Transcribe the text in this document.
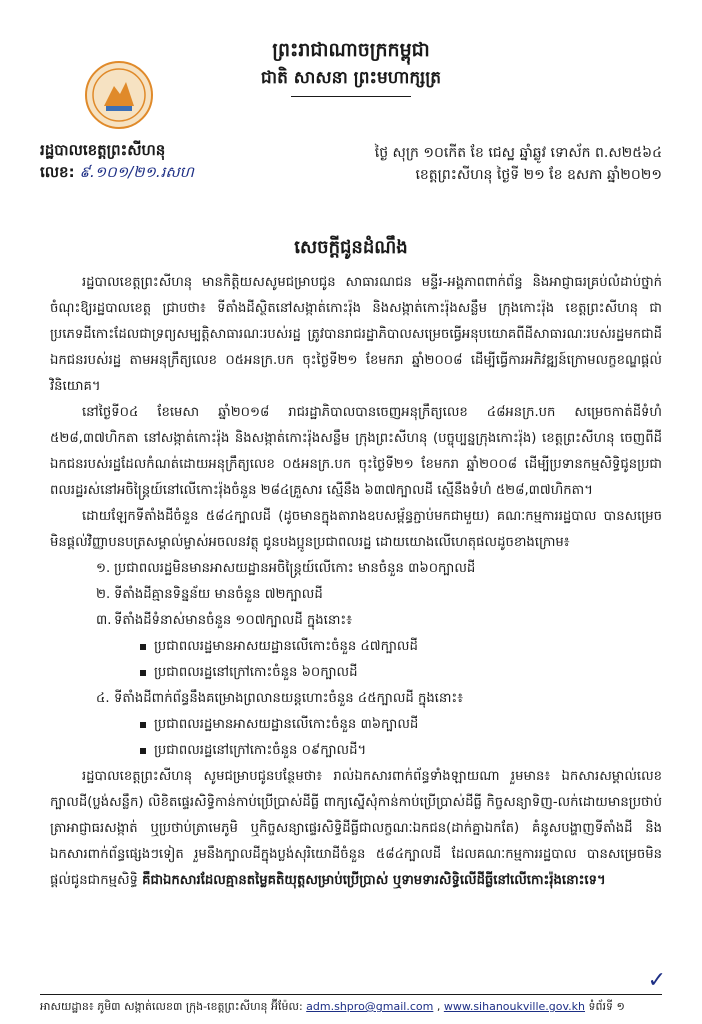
ព្រះរាជាណាចក្រកម្ពុជា
ជាតិ សាសនា ព្រះមហាក្សត្រ
រដ្ឋបាលខេត្តព្រះសីហនុ
លេខ: ៩.១០១/២១.រសហ
ថ្ងៃ សុក្រ ១០កើត ខែ ជេស្ឋ ឆ្នាំឆ្លូវ ទោស័ក ព.ស២៥៦៤
ខេត្តព្រះសីហនុ ថ្ងៃទី ២១ ខែ ឧសភា ឆ្នាំ២០២១
សេចក្តីជូនដំណឹង

រដ្ឋបាលខេត្តព្រះសីហនុ មានកិត្តិយសសូមជម្រាបជូន សាធារណជន មន្ទីរ-អង្គភាពពាក់ព័ន្ធ និងអាជ្ញាធរគ្រប់លំដាប់ថ្នាក់ចំណុះឱ្យរដ្ឋបាលខេត្ត ជ្រាបថា៖ ទីតាំងដីស្ថិតនៅសង្កាត់កោះរ៉ុង និងសង្កាត់កោះរ៉ុងសន្លឹម ក្រុងកោះរ៉ុង ខេត្តព្រះសីហនុ ជាប្រភេទដីកោះដែលជាទ្រព្យសម្បត្តិសាធារណៈរបស់រដ្ឋ ត្រូវបានរាជរដ្ឋាភិបាលសម្រេចធ្វើអនុបយោគពីដីសាធារណៈរបស់រដ្ឋមកជាដីឯកជនរបស់រដ្ឋ តាមអនុក្រឹត្យលេខ ០៥អនក្រ.បក ចុះថ្ងៃទី២១ ខែមករា ឆ្នាំ២០០៨ ដើម្បីធ្វើការអភិវឌ្ឍន៍ក្រោមលក្ខខណ្ឌផ្ដល់វិនិយោគ។

នៅថ្ងៃទី០៤ ខែមេសា ឆ្នាំ២០១៨ រាជរដ្ឋាភិបាលបានចេញអនុក្រឹត្យលេខ ៤៨អនក្រ.បក សម្រេចកាត់ដីទំហំ ៥២៨,៣៧ហិកតា នៅសង្កាត់កោះរ៉ុង និងសង្កាត់កោះរ៉ុងសន្លឹម ក្រុងព្រះសីហនុ (បច្ចុប្បន្នក្រុងកោះរ៉ុង) ខេត្តព្រះសីហនុ ចេញពីដីឯកជនរបស់រដ្ឋដែលកំណត់ដោយអនុក្រឹត្យលេខ ០៥អនក្រ.បក ចុះថ្ងៃទី២១ ខែមករា ឆ្នាំ២០០៨ ដើម្បីប្រទានកម្មសិទ្ធិជូនប្រជាពលរដ្ឋរស់នៅអចិន្ត្រៃយ៍នៅលើកោះរ៉ុងចំនួន ២៨៤គ្រួសារ ស្មើនឹង ៦៣៧ក្បាលដី ស្មើនឹងទំហំ ៥២៨,៣៧ហិកតា។

ដោយឡែកទីតាំងដីចំនួន ៥៨៤ក្បាលដី (ដូចមានក្នុងតារាងឧបសម្ព័ន្ធភ្ជាប់មកជាមួយ) គណៈកម្មការរដ្ឋបាល បានសម្រេចមិនផ្ដល់វិញ្ញាបនបត្រសម្គាល់ម្ចាស់អចលនវត្ថុ ជូនបងប្អូនប្រជាពលរដ្ឋ ដោយយោងលើហេតុផលដូចខាងក្រោម៖

១. ប្រជាពលរដ្ឋមិនមានអាសយដ្ឋានអចិន្ត្រៃយ៍លើកោះ មានចំនួន ៣៦០ក្បាលដី
២. ទីតាំងដីគ្មានទិន្នន័យ មានចំនួន ៧២ក្បាលដី
៣. ទីតាំងដីទំនាស់មានចំនួន ១០៧ក្បាលដី ក្នុងនោះ៖
ប្រជាពលរដ្ឋមានអាសយដ្ឋានលើកោះចំនួន ៤៧ក្បាលដី
ប្រជាពលរដ្ឋនៅក្រៅកោះចំនួន ៦០ក្បាលដី
៤. ទីតាំងដីពាក់ព័ន្ធនឹងគម្រោងព្រលានយន្តហោះចំនួន ៤៥ក្បាលដី ក្នុងនោះ៖
ប្រជាពលរដ្ឋមានអាសយដ្ឋានលើកោះចំនួន ៣៦ក្បាលដី
ប្រជាពលរដ្ឋនៅក្រៅកោះចំនួន ០៩ក្បាលដី។

រដ្ឋបាលខេត្តព្រះសីហនុ សូមជម្រាបជូនបន្ថែមថា៖ រាល់ឯកសារពាក់ព័ន្ធទាំងឡាយណា រួមមាន៖ ឯកសារសម្គាល់លេខក្បាលដី(ប្លង់សន្លឹក) លិខិតផ្ទេរសិទ្ធិកាន់កាប់ប្រើប្រាស់ដីធ្លី ពាក្យស្នើសុំកាន់កាប់ប្រើប្រាស់ដីធ្លី កិច្ចសន្យាទិញ-លក់ដោយមានប្រថាប់ត្រាអាជ្ញាធរសង្កាត់ ឬប្រថាប់ត្រាមេភូមិ ឬកិច្ចសន្យាផ្ទេរសិទ្ធិដីធ្លីជាលក្ខណៈឯកជន(ដាក់គ្នាឯកតែ) គំនូសបង្ហាញទីតាំងដី និងឯកសារពាក់ព័ន្ធផ្សេងៗទៀត រួមនឹងក្បាលដីក្នុងប្លង់សុរិយោដីចំនួន ៥៨៤ក្បាលដី ដែលគណៈកម្មការរដ្ឋបាល បានសម្រេចមិនផ្ដល់ជូនជាកម្មសិទ្ធិ គឺជាឯកសារដែលគ្មានតម្លៃគតិយុត្តសម្រាប់ប្រើប្រាស់ ឬទាមទារសិទ្ធិលើដីធ្លីនៅលើកោះរ៉ុងនោះទេ។

✓
អាសយដ្ឋាន៖ ភូមិ៣ សង្កាត់លេខ៣ ក្រុង-ខេត្តព្រះសីហនុ អ៊ីម៉ែល: adm.shpro@gmail.com , www.sihanoukville.gov.kh ទំព័រទី ១
